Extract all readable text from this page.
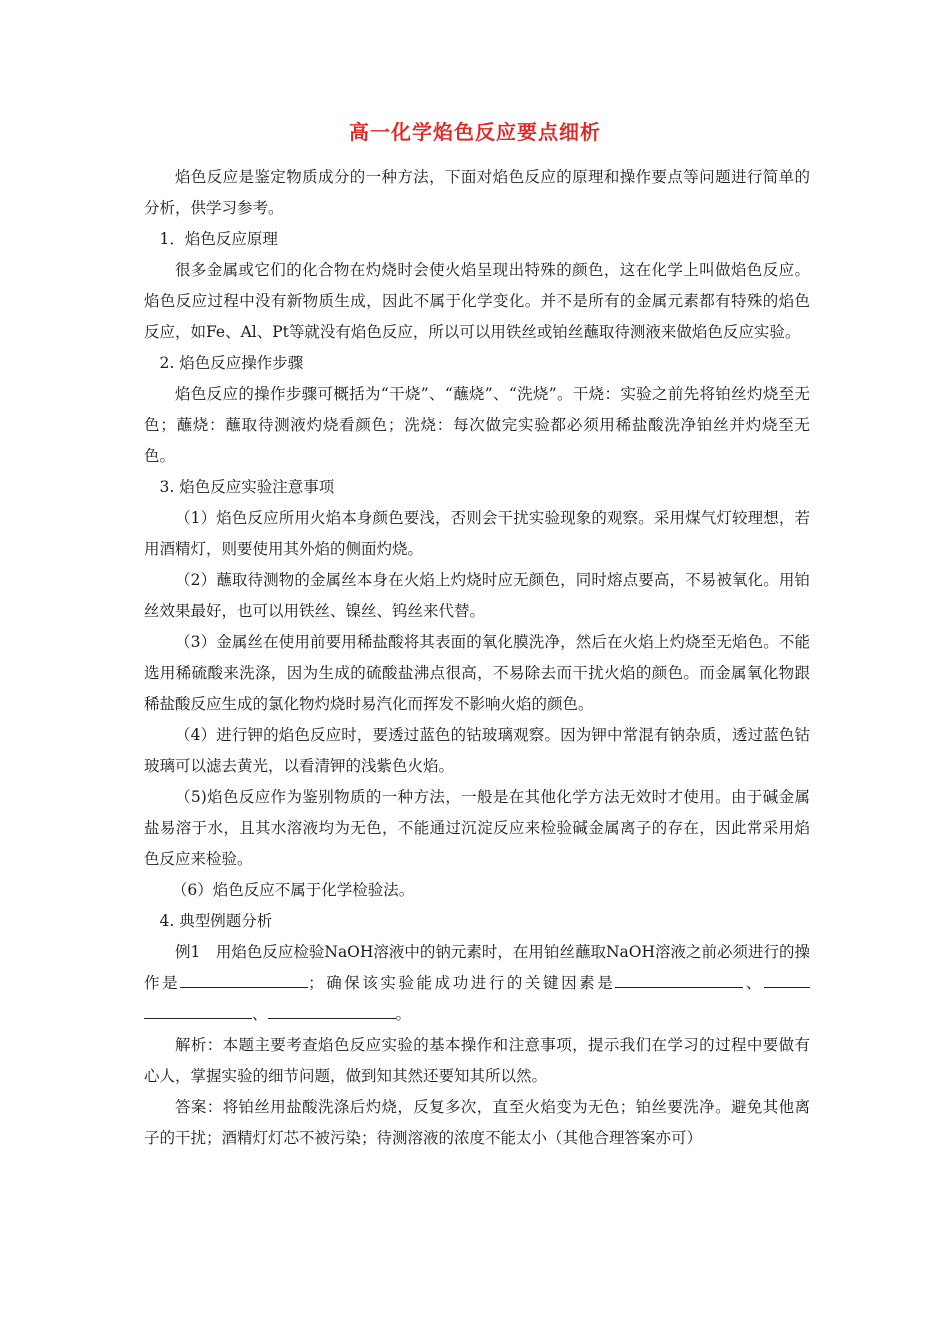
高一化学焰色反应要点细析

焰色反应是鉴定物质成分的一种方法，下面对焰色反应的原理和操作要点等问题进行简单的分析，供学习参考。

1．焰色反应原理

很多金属或它们的化合物在灼烧时会使火焰呈现出特殊的颜色，这在化学上叫做焰色反应。焰色反应过程中没有新物质生成，因此不属于化学变化。并不是所有的金属元素都有特殊的焰色反应，如Fe、Al、Pt等就没有焰色反应，所以可以用铁丝或铂丝蘸取待测液来做焰色反应实验。

2. 焰色反应操作步骤

焰色反应的操作步骤可概括为“干烧”、“蘸烧”、“洗烧”。干烧：实验之前先将铂丝灼烧至无色；蘸烧：蘸取待测液灼烧看颜色；洗烧：每次做完实验都必须用稀盐酸洗净铂丝并灼烧至无色。

3. 焰色反应实验注意事项

（1）焰色反应所用火焰本身颜色要浅，否则会干扰实验现象的观察。采用煤气灯较理想，若用酒精灯，则要使用其外焰的侧面灼烧。

（2）蘸取待测物的金属丝本身在火焰上灼烧时应无颜色，同时熔点要高，不易被氧化。用铂丝效果最好，也可以用铁丝、镍丝、钨丝来代替。

（3）金属丝在使用前要用稀盐酸将其表面的氧化膜洗净，然后在火焰上灼烧至无焰色。不能选用稀硫酸来洗涤，因为生成的硫酸盐沸点很高，不易除去而干扰火焰的颜色。而金属氧化物跟稀盐酸反应生成的氯化物灼烧时易汽化而挥发不影响火焰的颜色。

（4）进行钾的焰色反应时，要透过蓝色的钴玻璃观察。因为钾中常混有钠杂质，透过蓝色钴玻璃可以滤去黄光，以看清钾的浅紫色火焰。

（5)焰色反应作为鉴别物质的一种方法，一般是在其他化学方法无效时才使用。由于碱金属盐易溶于水，且其水溶液均为无色，不能通过沉淀反应来检验碱金属离子的存在，因此常采用焰色反应来检验。

（6）焰色反应不属于化学检验法。

4. 典型例题分析

例1　用焰色反应检验NaOH溶液中的钠元素时，在用铂丝蘸取NaOH溶液之前必须进行的操作是	；确保该实验能成功进行的关键因素是	、、	。

解析：本题主要考查焰色反应实验的基本操作和注意事项，提示我们在学习的过程中要做有心人，掌握实验的细节问题，做到知其然还要知其所以然。

答案：将铂丝用盐酸洗涤后灼烧，反复多次，直至火焰变为无色；铂丝要洗净。避免其他离子的干扰；酒精灯灯芯不被污染；待测溶液的浓度不能太小（其他合理答案亦可）
